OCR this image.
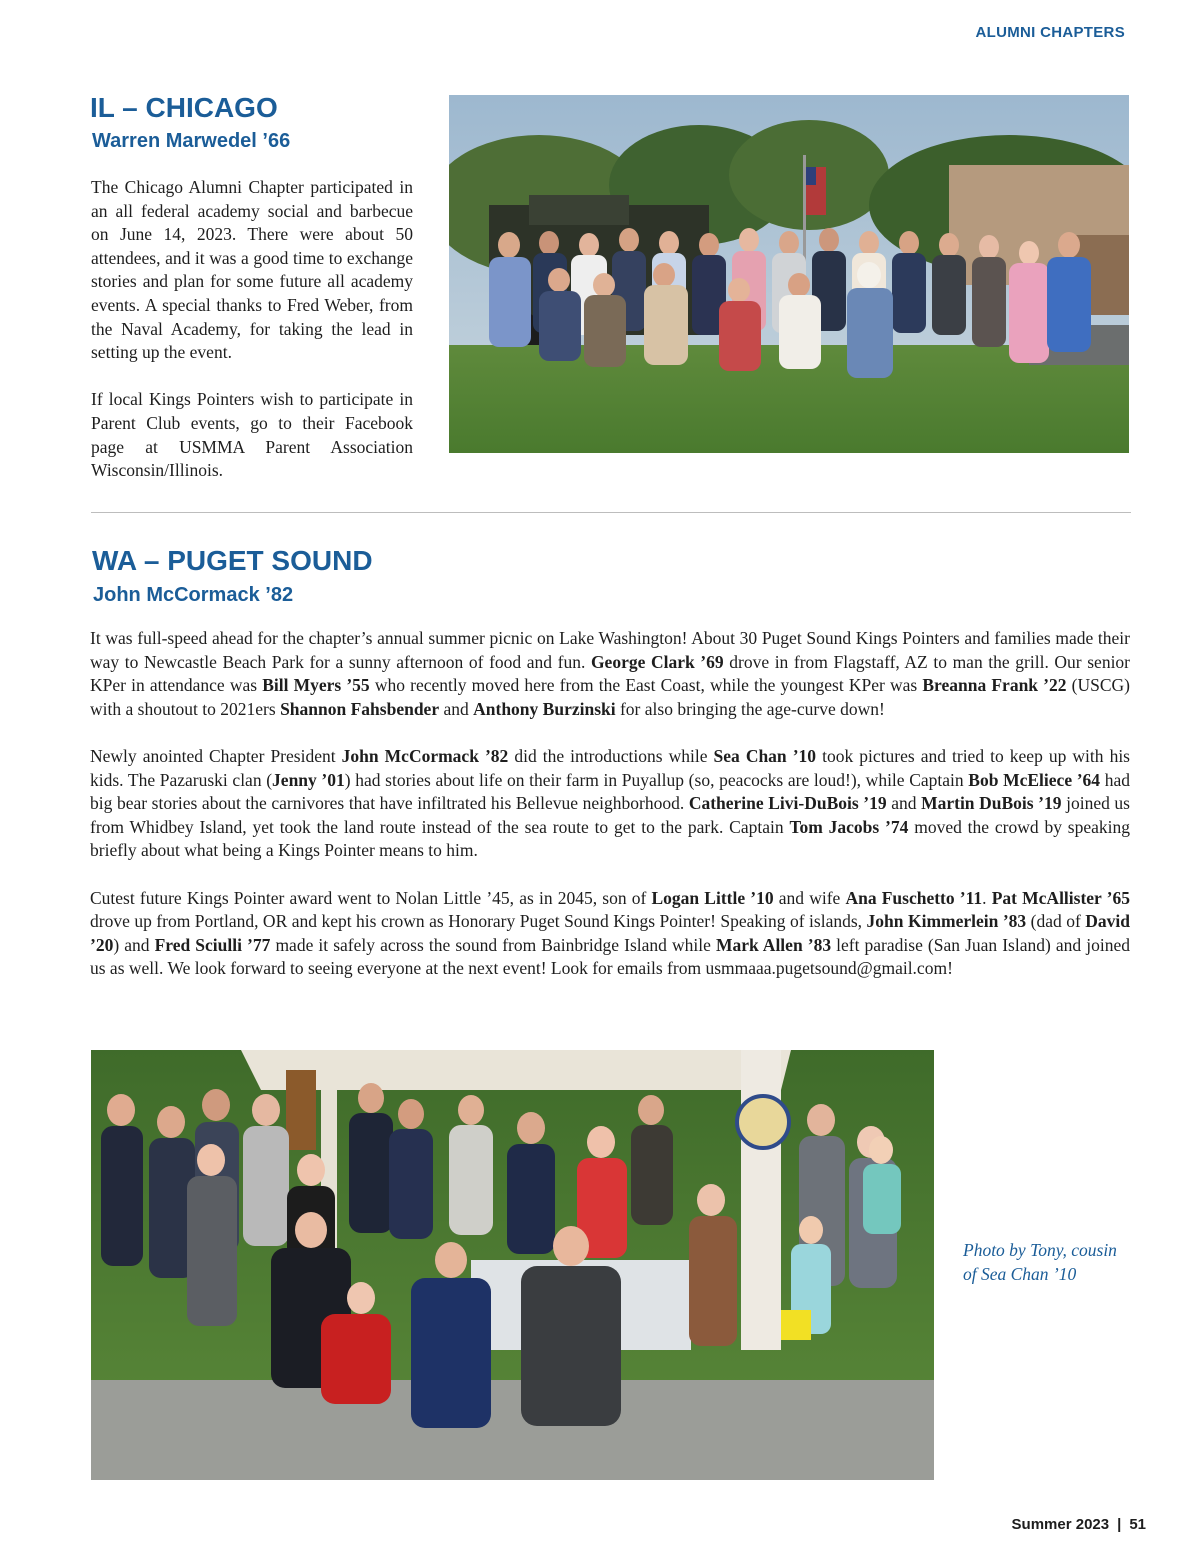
ALUMNI CHAPTERS
IL – CHICAGO
Warren Marwedel ’66

The Chicago Alumni Chapter participated in an all federal academy social and barbecue on June 14, 2023. There were about 50 attendees, and it was a good time to exchange stories and plan for some future all academy events. A special thanks to Fred Weber, from the Naval Academy, for taking the lead in setting up the event.

If local Kings Pointers wish to participate in Parent Club events, go to their Facebook page at USMMA Parent Association Wisconsin/Illinois.

WA – PUGET SOUND
John McCormack ’82

It was full-speed ahead for the chapter’s annual summer picnic on Lake Washington! About 30 Puget Sound Kings Pointers and families made their way to Newcastle Beach Park for a sunny afternoon of food and fun. George Clark ’69 drove in from Flagstaff, AZ to man the grill. Our senior KPer in attendance was Bill Myers ’55 who recently moved here from the East Coast, while the youngest KPer was Breanna Frank ’22 (USCG) with a shoutout to 2021ers Shannon Fahsbender and Anthony Burzinski for also bringing the age-curve down!

Newly anointed Chapter President John McCormack ’82 did the introductions while Sea Chan ’10 took pictures and tried to keep up with his kids. The Pazaruski clan (Jenny ’01) had stories about life on their farm in Puyallup (so, peacocks are loud!), while Captain Bob McEliece ’64 had big bear stories about the carnivores that have infiltrated his Bellevue neighborhood. Catherine Livi-DuBois ’19 and Martin DuBois ’19 joined us from Whidbey Island, yet took the land route instead of the sea route to get to the park. Captain Tom Jacobs ’74 moved the crowd by speaking briefly about what being a Kings Pointer means to him.

Cutest future Kings Pointer award went to Nolan Little ’45, as in 2045, son of Logan Little ’10 and wife Ana Fuschetto ’11. Pat McAllister ’65 drove up from Portland, OR and kept his crown as Honorary Puget Sound Kings Pointer! Speaking of islands, John Kimmerlein ’83 (dad of David ’20) and Fred Sciulli ’77 made it safely across the sound from Bainbridge Island while Mark Allen ’83 left paradise (San Juan Island) and joined us as well. We look forward to seeing everyone at the next event! Look for emails from usmmaaa.pugetsound@gmail.com!

Photo by Tony, cousin of Sea Chan ’10
Summer 2023 | 51
